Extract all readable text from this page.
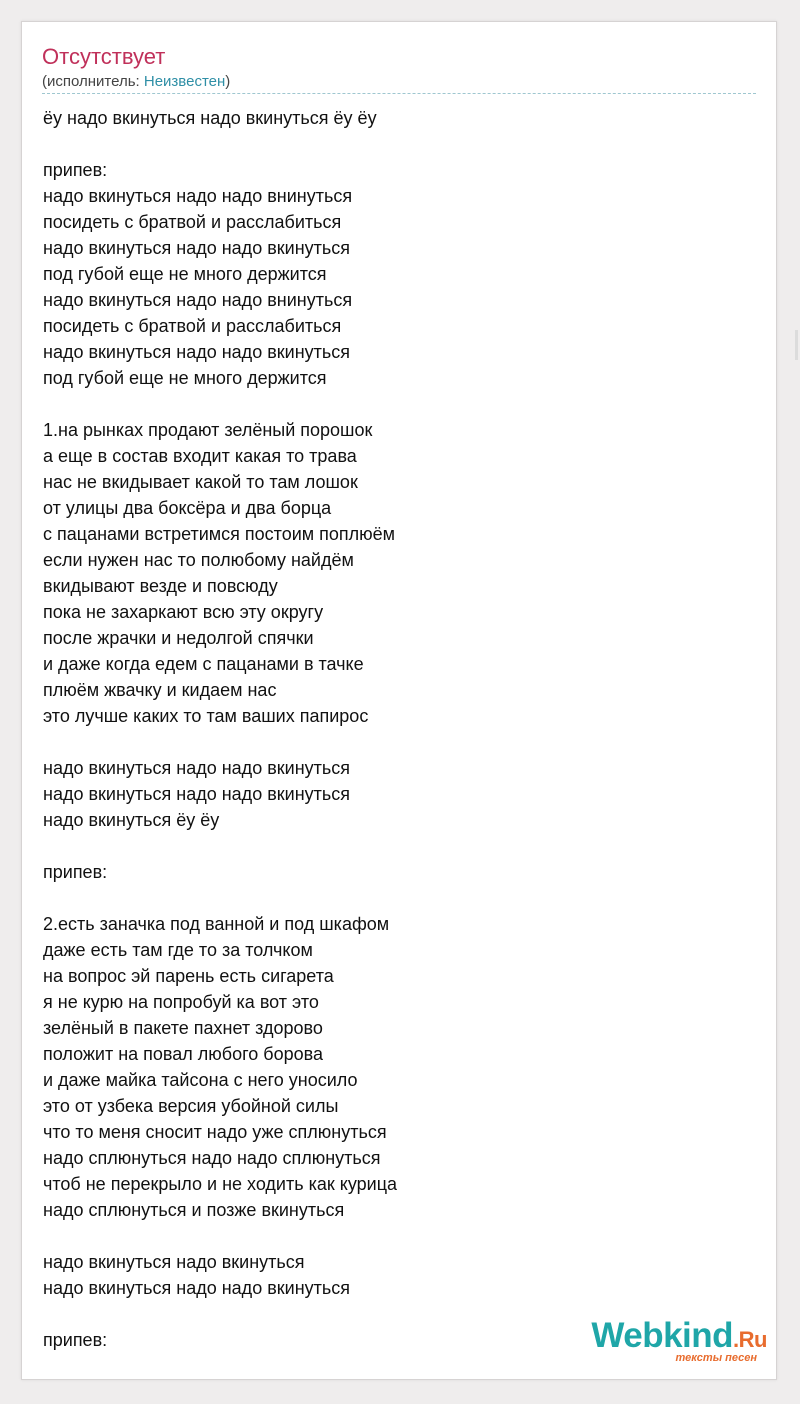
Отсутствует
(исполнитель: Неизвестен)
ёу надо вкинуться надо вкинуться ёу ёу
припев:
надо вкинуться надо надо внинуться
посидеть с братвой и расслабиться
надо вкинуться надо надо вкинуться
под губой еще не много держится
надо вкинуться надо надо внинуться
посидеть с братвой и расслабиться
надо вкинуться надо надо вкинуться
под губой еще не много держится
1.на рынках продают зелёный порошок
а еще в состав входит какая то трава
нас не вкидывает какой то там лошок
от улицы два боксёра и два борца
с пацанами встретимся постоим поплюём
если нужен нас то полюбому найдём
вкидывают везде и повсюду
пока не захаркают всю эту округу
после жрачки и недолгой спячки
и даже когда едем с пацанами в тачке
плюём жвачку и кидаем нас
это лучше каких то там ваших папирос
надо вкинуться надо надо вкинуться
надо вкинуться надо надо вкинуться
надо вкинуться ёу ёу
припев:
2.есть заначка под ванной и под шкафом
даже есть там где то за толчком
на вопрос эй парень есть сигарета
я не курю на попробуй ка вот это
зелёный в пакете пахнет здорово
положит на повал любого борова
и даже майка тайсона с него уносило
это от узбека версия убойной силы
что то меня сносит надо уже сплюнуться
надо сплюнуться надо надо сплюнуться
чтоб не перекрыло и не ходить как курица
надо сплюнуться и позже вкинуться
надо вкинуться надо вкинуться
надо вкинуться надо надо вкинуться
припев:	Webkind.Ru
тексты песен
